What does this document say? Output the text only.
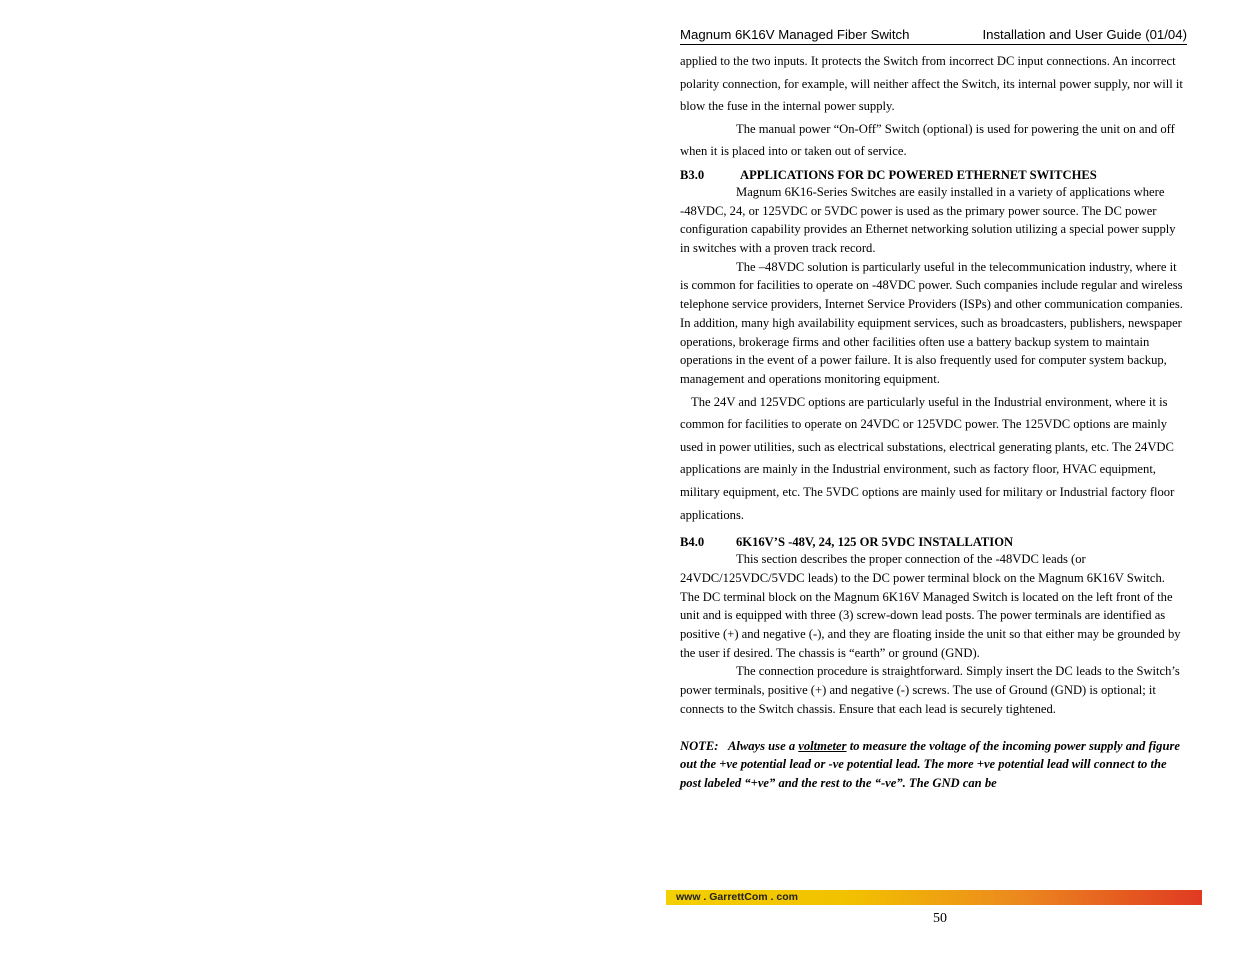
Magnum 6K16V Managed Fiber Switch	Installation and User Guide (01/04)

applied to the two inputs. It protects the Switch from incorrect DC input connections. An incorrect polarity connection, for example, will neither affect the Switch, its internal power supply, nor will it blow the fuse in the internal power supply.

The manual power “On-Off” Switch (optional) is used for powering the unit on and off when it is placed into or taken out of service.

B3.0	APPLICATIONS FOR DC POWERED ETHERNET SWITCHES

Magnum 6K16-Series Switches are easily installed in a variety of applications where -48VDC, 24, or 125VDC or 5VDC power is used as the primary power source. The DC power configuration capability provides an Ethernet networking solution utilizing a special power supply in switches with a proven track record.

The –48VDC solution is particularly useful in the telecommunication industry, where it is common for facilities to operate on -48VDC power. Such companies include regular and wireless telephone service providers, Internet Service Providers (ISPs) and other communication companies. In addition, many high availability equipment services, such as broadcasters, publishers, newspaper operations, brokerage firms and other facilities often use a battery backup system to maintain operations in the event of a power failure. It is also frequently used for computer system backup, management and operations monitoring equipment.

The 24V and 125VDC options are particularly useful in the Industrial environment, where it is common for facilities to operate on 24VDC or 125VDC power. The 125VDC options are mainly used in power utilities, such as electrical substations, electrical generating plants, etc. The 24VDC applications are mainly in the Industrial environment, such as factory floor, HVAC equipment, military equipment, etc. The 5VDC options are mainly used for military or Industrial factory floor applications.

B4.0	6K16V’S -48V, 24, 125 OR 5VDC INSTALLATION

This section describes the proper connection of the -48VDC leads (or 24VDC/125VDC/5VDC leads) to the DC power terminal block on the Magnum 6K16V Switch. The DC terminal block on the Magnum 6K16V Managed Switch is located on the left front of the unit and is equipped with three (3) screw-down lead posts. The power terminals are identified as positive (+) and negative (-), and they are floating inside the unit so that either may be grounded by the user if desired. The chassis is “earth” or ground (GND).

The connection procedure is straightforward. Simply insert the DC leads to the Switch’s power terminals, positive (+) and negative (-) screws. The use of Ground (GND) is optional; it connects to the Switch chassis. Ensure that each lead is securely tightened.

NOTE: Always use a voltmeter to measure the voltage of the incoming power supply and figure out the +ve potential lead or -ve potential lead. The more +ve potential lead will connect to the post labeled “+ve” and the rest to the “-ve”. The GND can be

www . GarrettCom . com
50
